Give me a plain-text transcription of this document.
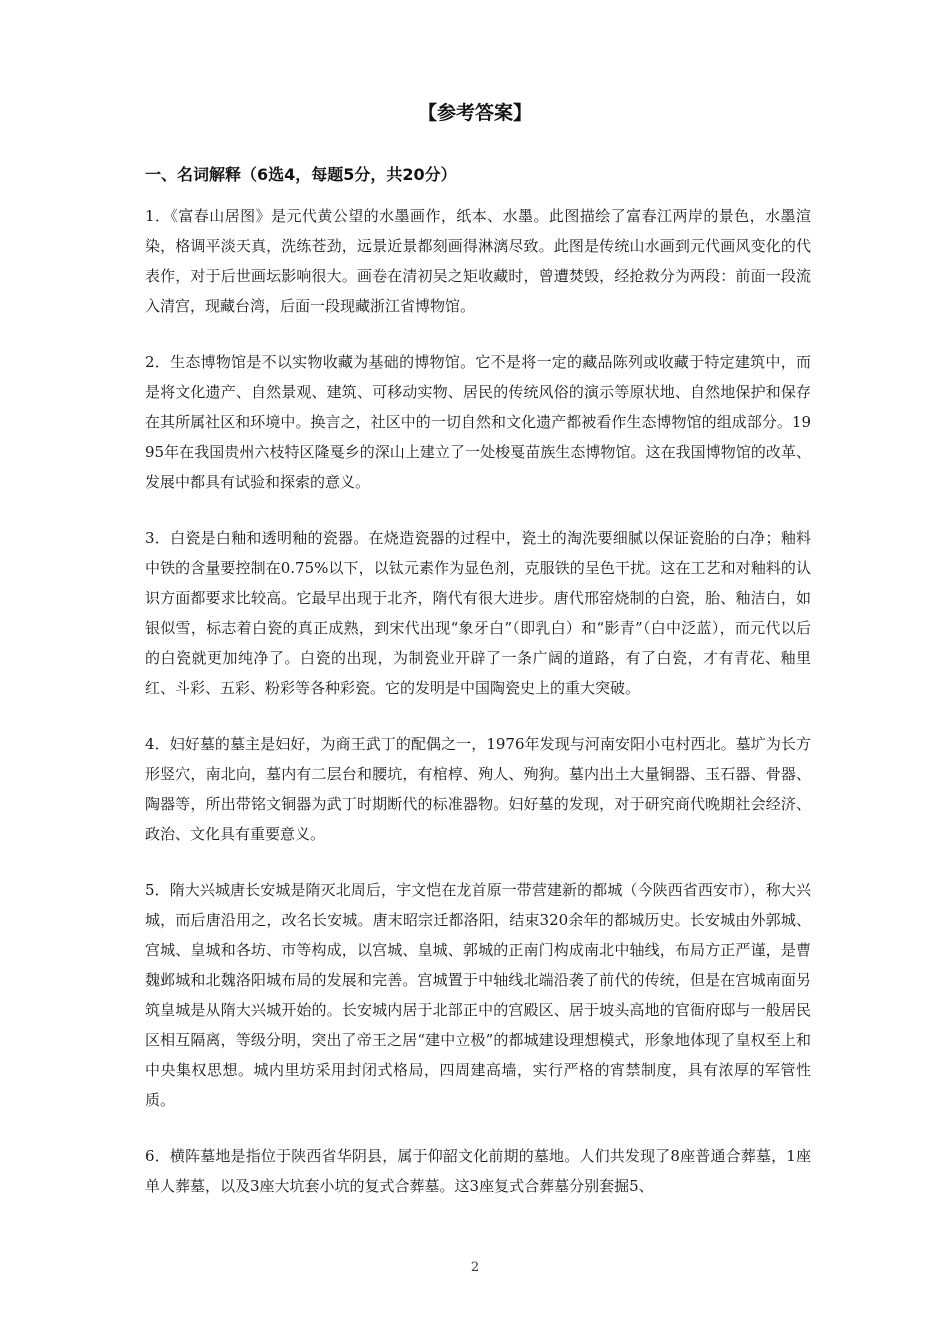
【参考答案】
一、名词解释（6选4，每题5分，共20分）

1．《富春山居图》是元代黄公望的水墨画作，纸本、水墨。此图描绘了富春江两岸的景色，水墨渲染，格调平淡天真，洗练苍劲，远景近景都刻画得淋漓尽致。此图是传统山水画到元代画风变化的代表作，对于后世画坛影响很大。画卷在清初吴之矩收藏时，曾遭焚毁，经抢救分为两段：前面一段流入清宫，现藏台湾，后面一段现藏浙江省博物馆。

2．生态博物馆是不以实物收藏为基础的博物馆。它不是将一定的藏品陈列或收藏于特定建筑中，而是将文化遗产、自然景观、建筑、可移动实物、居民的传统风俗的演示等原状地、自然地保护和保存在其所属社区和环境中。换言之，社区中的一切自然和文化遗产都被看作生态博物馆的组成部分。1995年在我国贵州六枝特区隆戛乡的深山上建立了一处梭戛苗族生态博物馆。这在我国博物馆的改革、发展中都具有试验和探索的意义。

3．白瓷是白釉和透明釉的瓷器。在烧造瓷器的过程中，瓷土的淘洗要细腻以保证瓷胎的白净；釉料中铁的含量要控制在0.75%以下，以钛元素作为显色剂，克服铁的呈色干扰。这在工艺和对釉料的认识方面都要求比较高。它最早出现于北齐，隋代有很大进步。唐代邢窑烧制的白瓷，胎、釉洁白，如银似雪，标志着白瓷的真正成熟，到宋代出现“象牙白”（即乳白）和“影青”（白中泛蓝），而元代以后的白瓷就更加纯净了。白瓷的出现，为制瓷业开辟了一条广阔的道路，有了白瓷，才有青花、釉里红、斗彩、五彩、粉彩等各种彩瓷。它的发明是中国陶瓷史上的重大突破。

4．妇好墓的墓主是妇好，为商王武丁的配偶之一，1976年发现与河南安阳小屯村西北。墓圹为长方形竖穴，南北向，墓内有二层台和腰坑，有棺椁、殉人、殉狗。墓内出土大量铜器、玉石器、骨器、陶器等，所出带铭文铜器为武丁时期断代的标准器物。妇好墓的发现，对于研究商代晚期社会经济、政治、文化具有重要意义。

5．隋大兴城唐长安城是隋灭北周后，宇文恺在龙首原一带营建新的都城（今陕西省西安市），称大兴城，而后唐沿用之，改名长安城。唐末昭宗迁都洛阳，结束320余年的都城历史。长安城由外郭城、宫城、皇城和各坊、市等构成，以宫城、皇城、郭城的正南门构成南北中轴线，布局方正严谨，是曹魏邺城和北魏洛阳城布局的发展和完善。宫城置于中轴线北端沿袭了前代的传统，但是在宫城南面另筑皇城是从隋大兴城开始的。长安城内居于北部正中的宫殿区、居于坡头高地的官衙府邸与一般居民区相互隔离，等级分明，突出了帝王之居“建中立极”的都城建设理想模式，形象地体现了皇权至上和中央集权思想。城内里坊采用封闭式格局，四周建高墙，实行严格的宵禁制度，具有浓厚的军管性质。

6．横阵墓地是指位于陕西省华阴县，属于仰韶文化前期的墓地。人们共发现了8座普通合葬墓，1座单人葬墓，以及3座大坑套小坑的复式合葬墓。这3座复式合葬墓分别套掘5、

2
